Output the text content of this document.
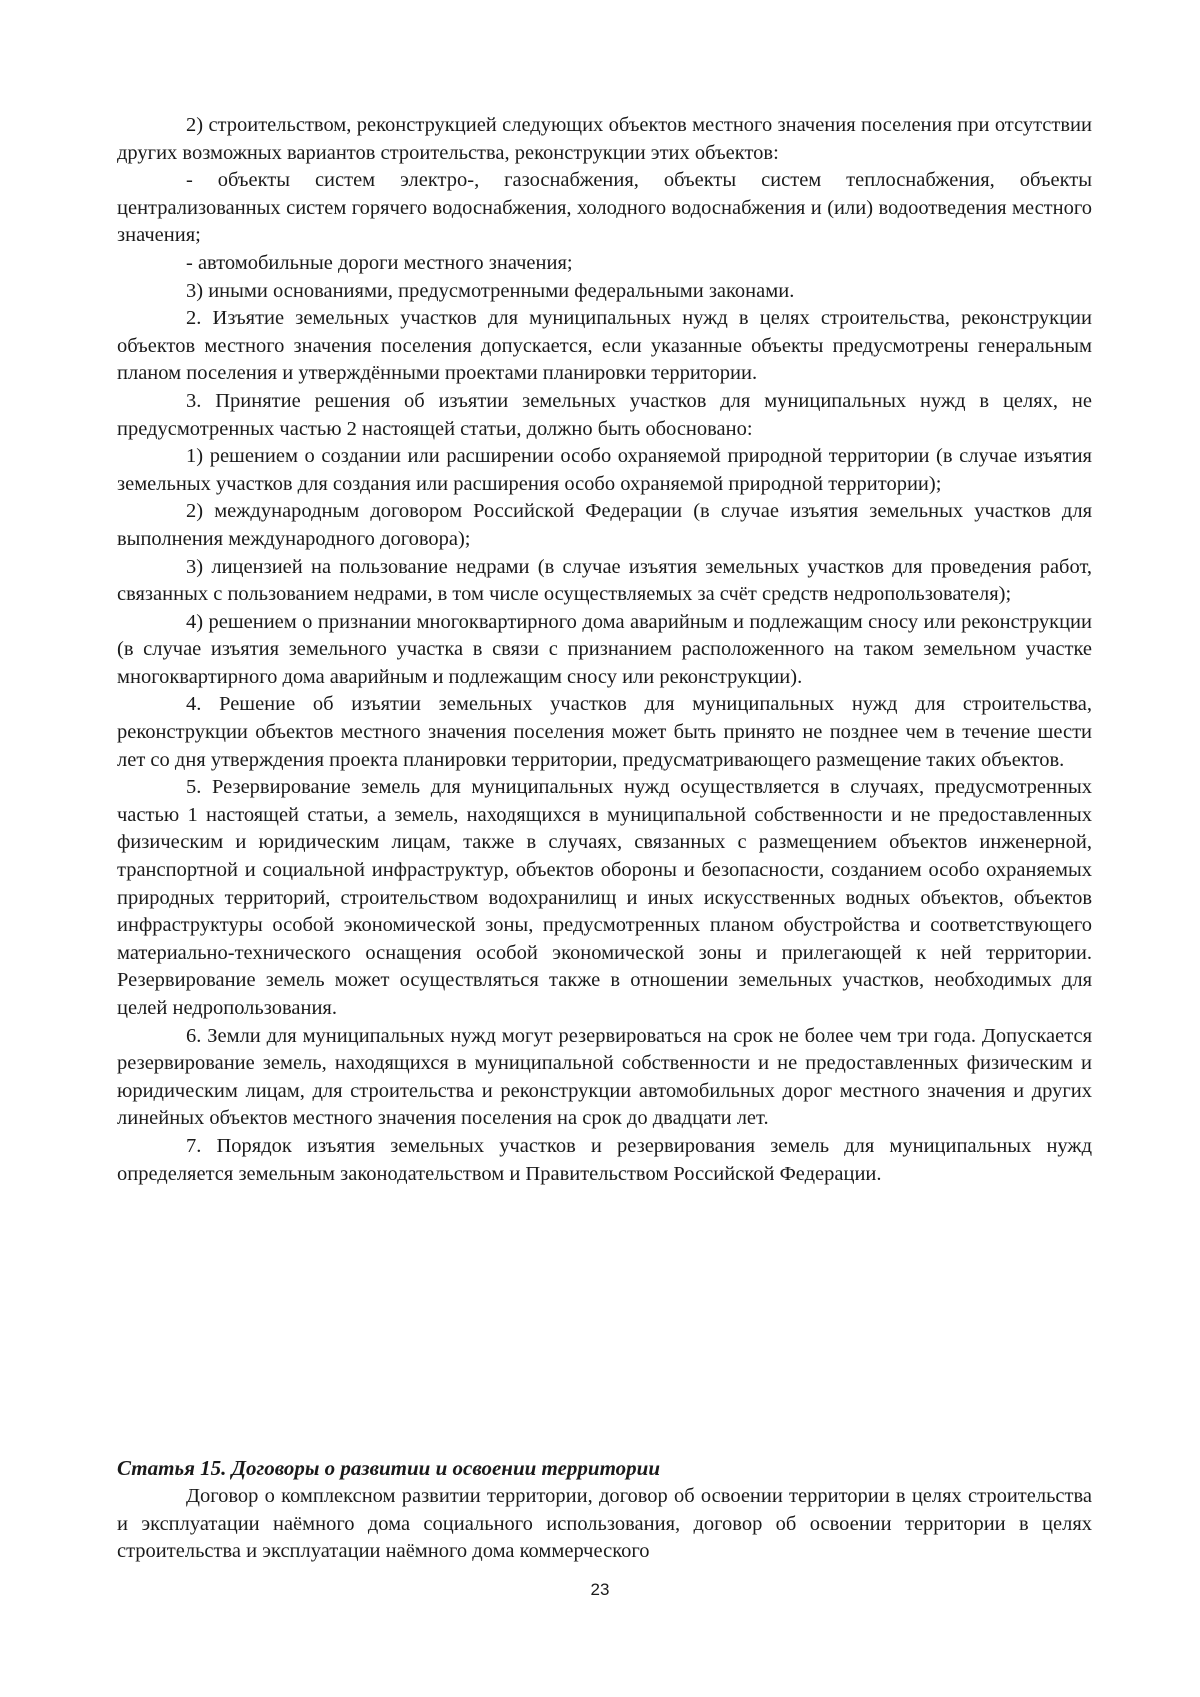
2) строительством, реконструкцией следующих объектов местного значения поселения при отсутствии других возможных вариантов строительства, реконструкции этих объектов:

- объекты систем электро-, газоснабжения, объекты систем теплоснабжения, объекты централизованных систем горячего водоснабжения, холодного водоснабжения и (или) водоотведения местного значения;

- автомобильные дороги местного значения;

3) иными основаниями, предусмотренными федеральными законами.

2. Изъятие земельных участков для муниципальных нужд в целях строительства, реконструкции объектов местного значения поселения допускается, если указанные объекты предусмотрены генеральным планом поселения и утверждёнными проектами планировки территории.

3. Принятие решения об изъятии земельных участков для муниципальных нужд в целях, не предусмотренных частью 2 настоящей статьи, должно быть обосновано:

1) решением о создании или расширении особо охраняемой природной территории (в случае изъятия земельных участков для создания или расширения особо охраняемой природной территории);

2) международным договором Российской Федерации (в случае изъятия земельных участков для выполнения международного договора);

3) лицензией на пользование недрами (в случае изъятия земельных участков для проведения работ, связанных с пользованием недрами, в том числе осуществляемых за счёт средств недропользователя);

4) решением о признании многоквартирного дома аварийным и подлежащим сносу или реконструкции (в случае изъятия земельного участка в связи с признанием расположенного на таком земельном участке многоквартирного дома аварийным и подлежащим сносу или реконструкции).

4. Решение об изъятии земельных участков для муниципальных нужд для строительства, реконструкции объектов местного значения поселения может быть принято не позднее чем в течение шести лет со дня утверждения проекта планировки территории, предусматривающего размещение таких объектов.

5. Резервирование земель для муниципальных нужд осуществляется в случаях, предусмотренных частью 1 настоящей статьи, а земель, находящихся в муниципальной собственности и не предоставленных физическим и юридическим лицам, также в случаях, связанных с размещением объектов инженерной, транспортной и социальной инфраструктур, объектов обороны и безопасности, созданием особо охраняемых природных территорий, строительством водохранилищ и иных искусственных водных объектов, объектов инфраструктуры особой экономической зоны, предусмотренных планом обустройства и соответствующего материально-технического оснащения особой экономической зоны и прилегающей к ней территории. Резервирование земель может осуществляться также в отношении земельных участков, необходимых для целей недропользования.

6. Земли для муниципальных нужд могут резервироваться на срок не более чем три года. Допускается резервирование земель, находящихся в муниципальной собственности и не предоставленных физическим и юридическим лицам, для строительства и реконструкции автомобильных дорог местного значения и других линейных объектов местного значения поселения на срок до двадцати лет.

7. Порядок изъятия земельных участков и резервирования земель для муниципальных нужд определяется земельным законодательством и Правительством Российской Федерации.

Статья 15. Договоры о развитии и освоении территории

Договор о комплексном развитии территории, договор об освоении территории в целях строительства и эксплуатации наёмного дома социального использования, договор об освоении территории в целях строительства и эксплуатации наёмного дома коммерческого

23
